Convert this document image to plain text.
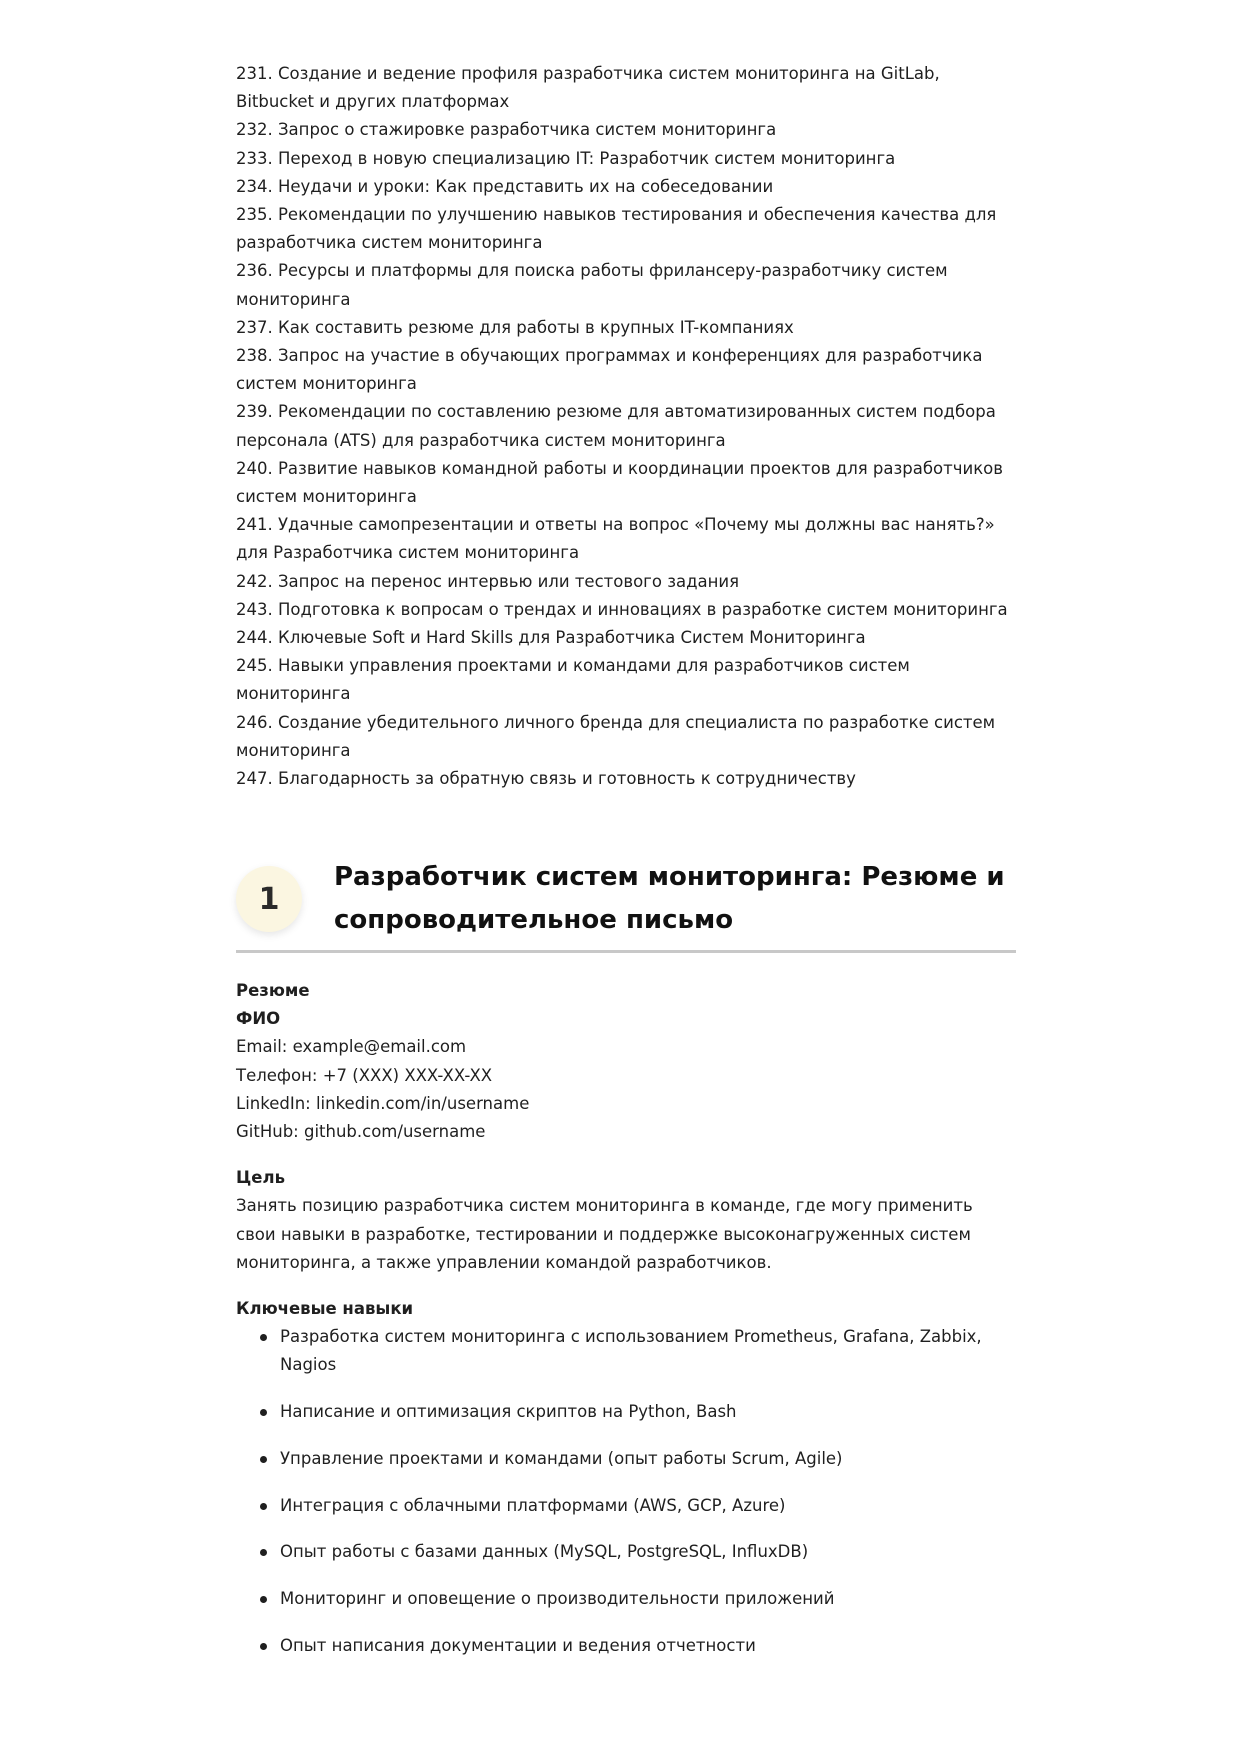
231. Создание и ведение профиля разработчика систем мониторинга на GitLab, Bitbucket и других платформах
232. Запрос о стажировке разработчика систем мониторинга
233. Переход в новую специализацию IT: Разработчик систем мониторинга
234. Неудачи и уроки: Как представить их на собеседовании
235. Рекомендации по улучшению навыков тестирования и обеспечения качества для разработчика систем мониторинга
236. Ресурсы и платформы для поиска работы фрилансеру-разработчику систем мониторинга
237. Как составить резюме для работы в крупных IT-компаниях
238. Запрос на участие в обучающих программах и конференциях для разработчика систем мониторинга
239. Рекомендации по составлению резюме для автоматизированных систем подбора персонала (ATS) для разработчика систем мониторинга
240. Развитие навыков командной работы и координации проектов для разработчиков систем мониторинга
241. Удачные самопрезентации и ответы на вопрос «Почему мы должны вас нанять?» для Разработчика систем мониторинга
242. Запрос на перенос интервью или тестового задания
243. Подготовка к вопросам о трендах и инновациях в разработке систем мониторинга
244. Ключевые Soft и Hard Skills для Разработчика Систем Мониторинга
245. Навыки управления проектами и командами для разработчиков систем мониторинга
246. Создание убедительного личного бренда для специалиста по разработке систем мониторинга
247. Благодарность за обратную связь и готовность к сотрудничеству
1
Разработчик систем мониторинга: Резюме и сопроводительное письмо

Резюме

ФИО
Email: example@email.com
Телефон: +7 (XXX) XXX-XX-XX
LinkedIn: linkedin.com/in/username
GitHub: github.com/username
Цель
Занять позицию разработчика систем мониторинга в команде, где могу применить свои навыки в разработке, тестировании и поддержке высоконагруженных систем мониторинга, а также управлении командой разработчиков.
Ключевые навыки
Разработка систем мониторинга с использованием Prometheus, Grafana, Zabbix, Nagios
Написание и оптимизация скриптов на Python, Bash
Управление проектами и командами (опыт работы Scrum, Agile)
Интеграция с облачными платформами (AWS, GCP, Azure)
Опыт работы с базами данных (MySQL, PostgreSQL, InfluxDB)
Мониторинг и оповещение о производительности приложений
Опыт написания документации и ведения отчетности
